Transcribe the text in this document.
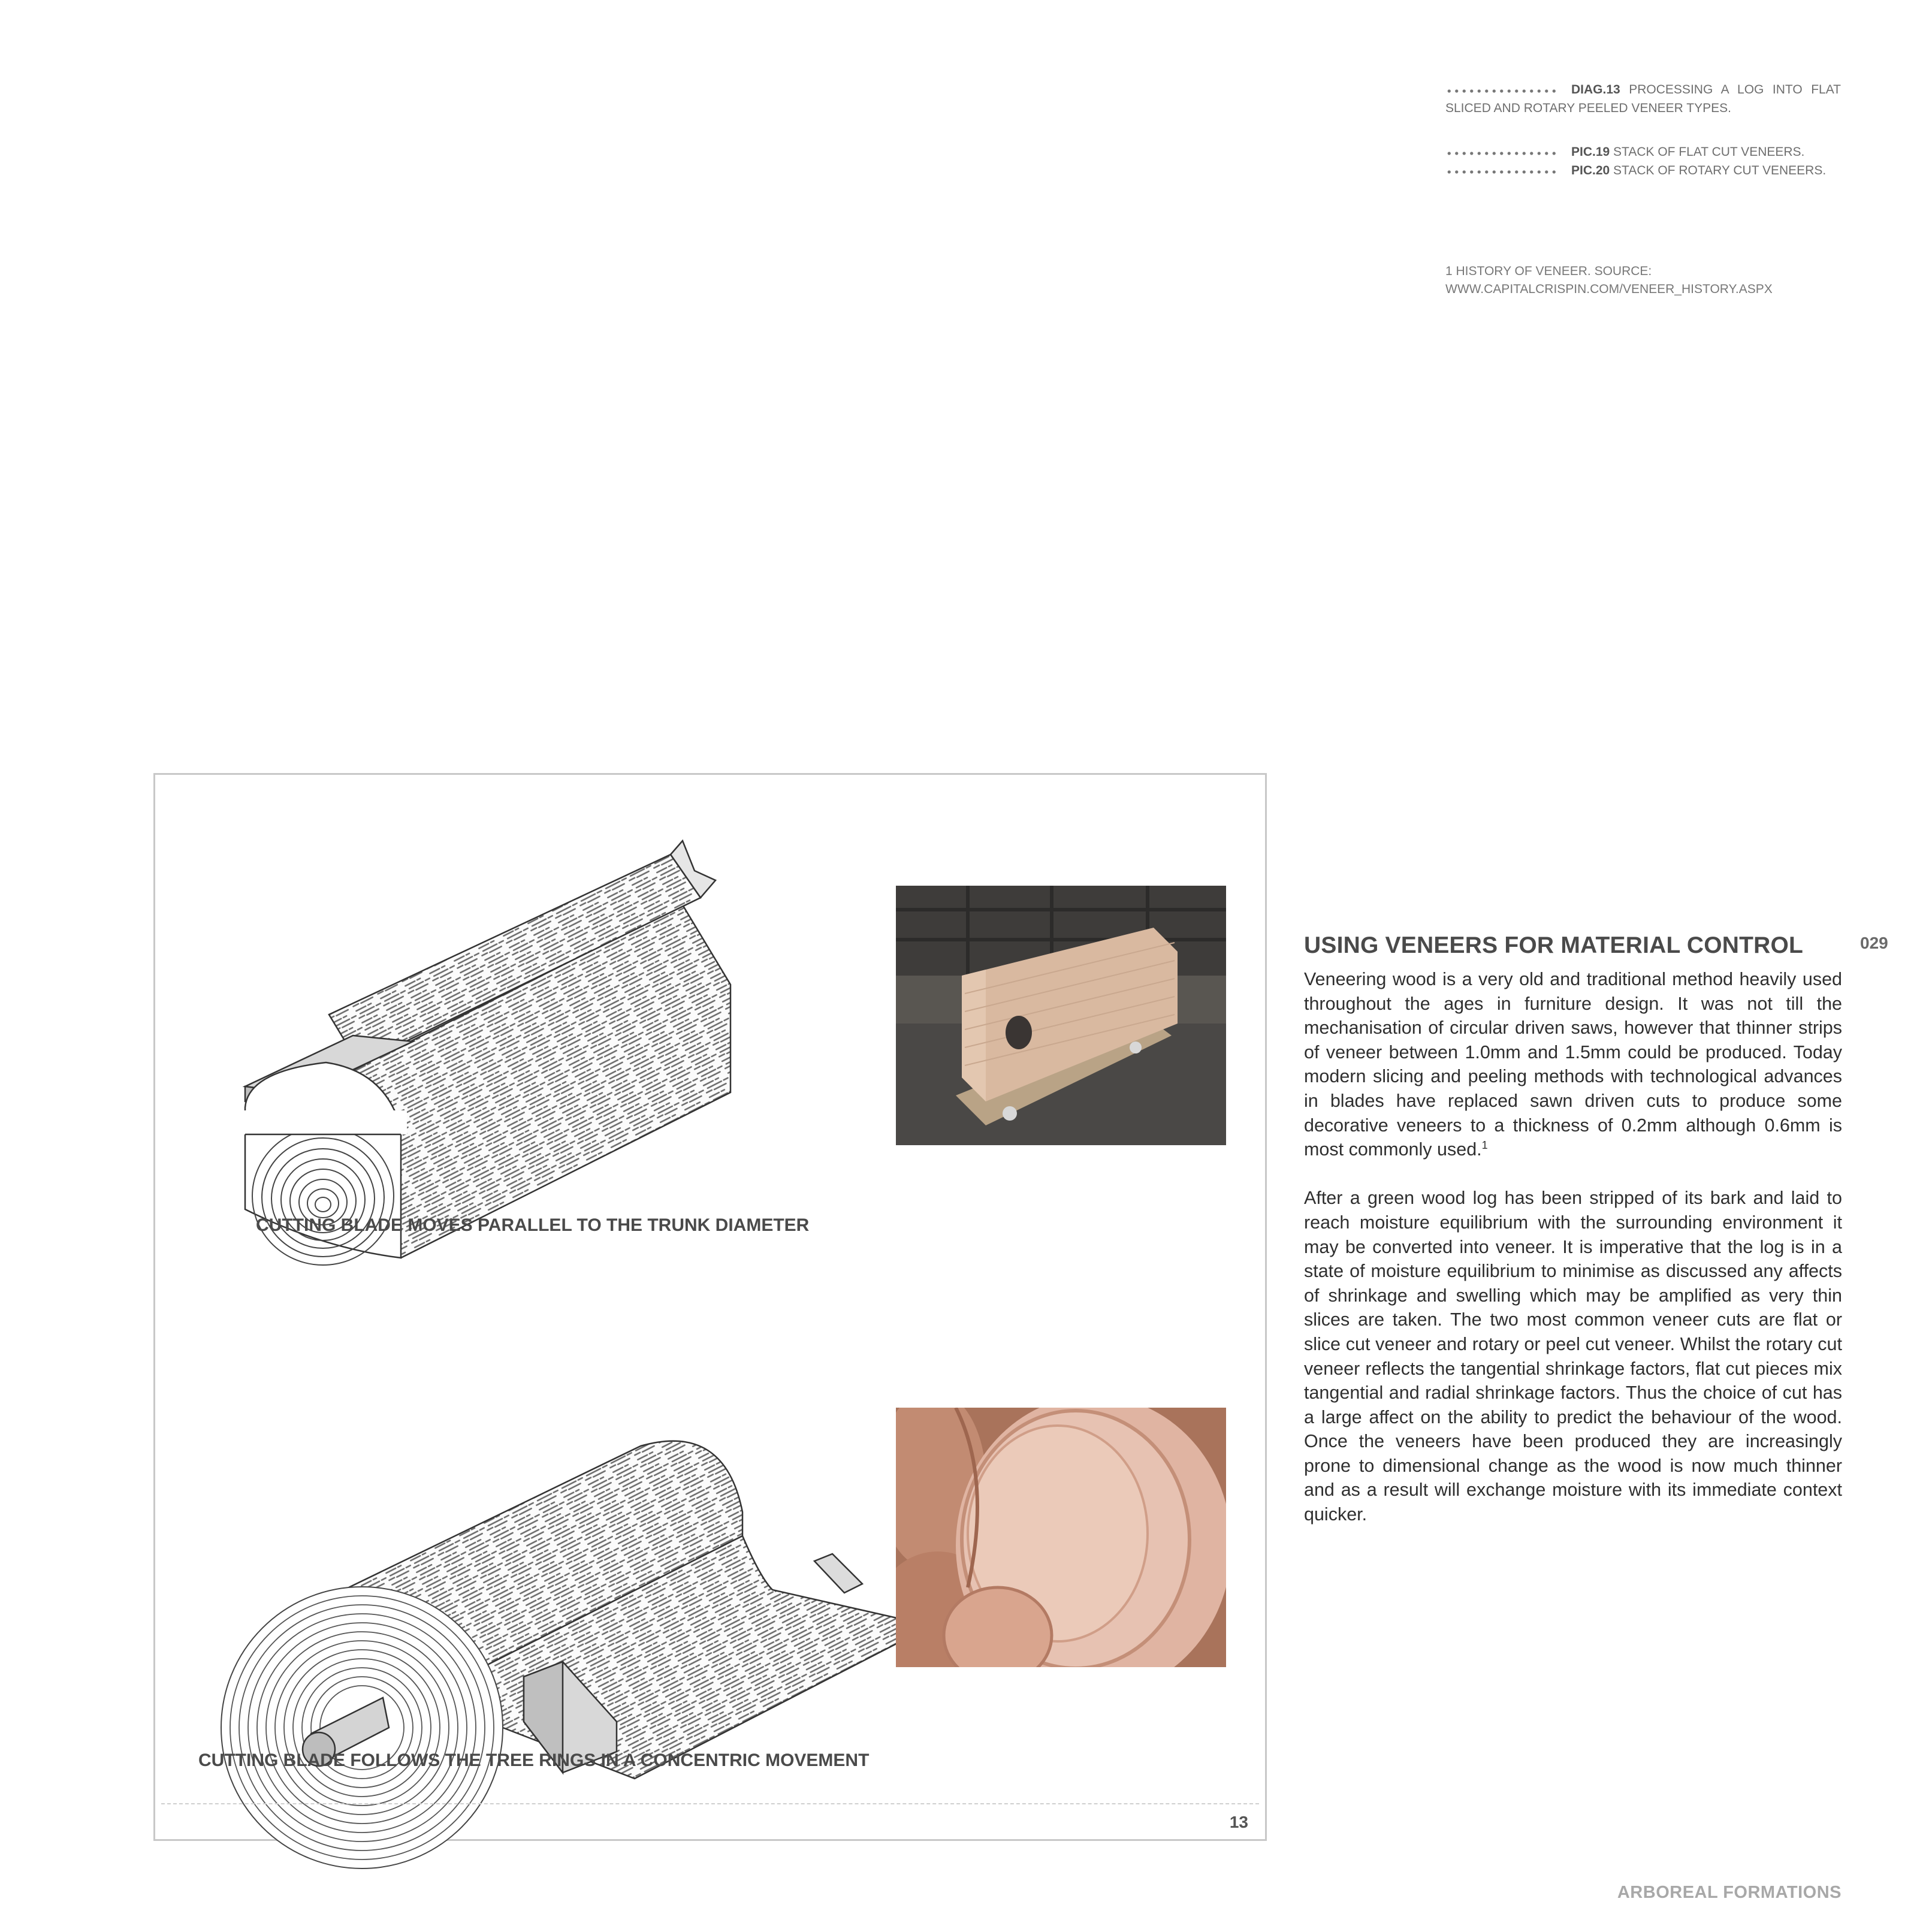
DIAG.13 PROCESSING A LOG INTO FLAT
SLICED AND ROTARY PEELED VENEER TYPES.
PIC.19 STACK OF FLAT CUT VENEERS.
PIC.20 STACK OF ROTARY CUT VENEERS.
1 HISTORY OF VENEER. SOURCE:
WWW.CAPITALCRISPIN.COM/VENEER_HISTORY.ASPX
CUTTING BLADE MOVES PARALLEL TO THE TRUNK DIAMETER
CUTTING BLADE FOLLOWS THE TREE RINGS IN A CONCENTRIC MOVEMENT
13
USING VENEERS FOR MATERIAL CONTROL	029

Veneering wood is a very old and traditional method heavily used throughout the ages in furniture design. It was not till the mechanisation of circular driven saws, however that thinner strips of veneer between 1.0mm and 1.5mm could be produced. Today modern slicing and peeling methods with technological advances in blades have replaced sawn driven cuts to produce some decorative veneers to a thickness of 0.2mm although 0.6mm is most commonly used.$^1$

After a green wood log has been stripped of its bark and laid to reach moisture equilibrium with the surrounding environment it may be converted into veneer. It is imperative that the log is in a state of moisture equilibrium to minimise as discussed any affects of shrinkage and swelling which may be amplified as very thin slices are taken. The two most common veneer cuts are flat or slice cut veneer and rotary or peel cut veneer. Whilst the rotary cut veneer reflects the tangential shrinkage factors, flat cut pieces mix tangential and radial shrinkage factors. Thus the choice of cut has a large affect on the ability to predict the behaviour of the wood. Once the veneers have been produced they are increasingly prone to dimensional change as the wood is now much thinner and as a result will exchange moisture with its immediate context quicker.

ARBOREAL FORMATIONS
